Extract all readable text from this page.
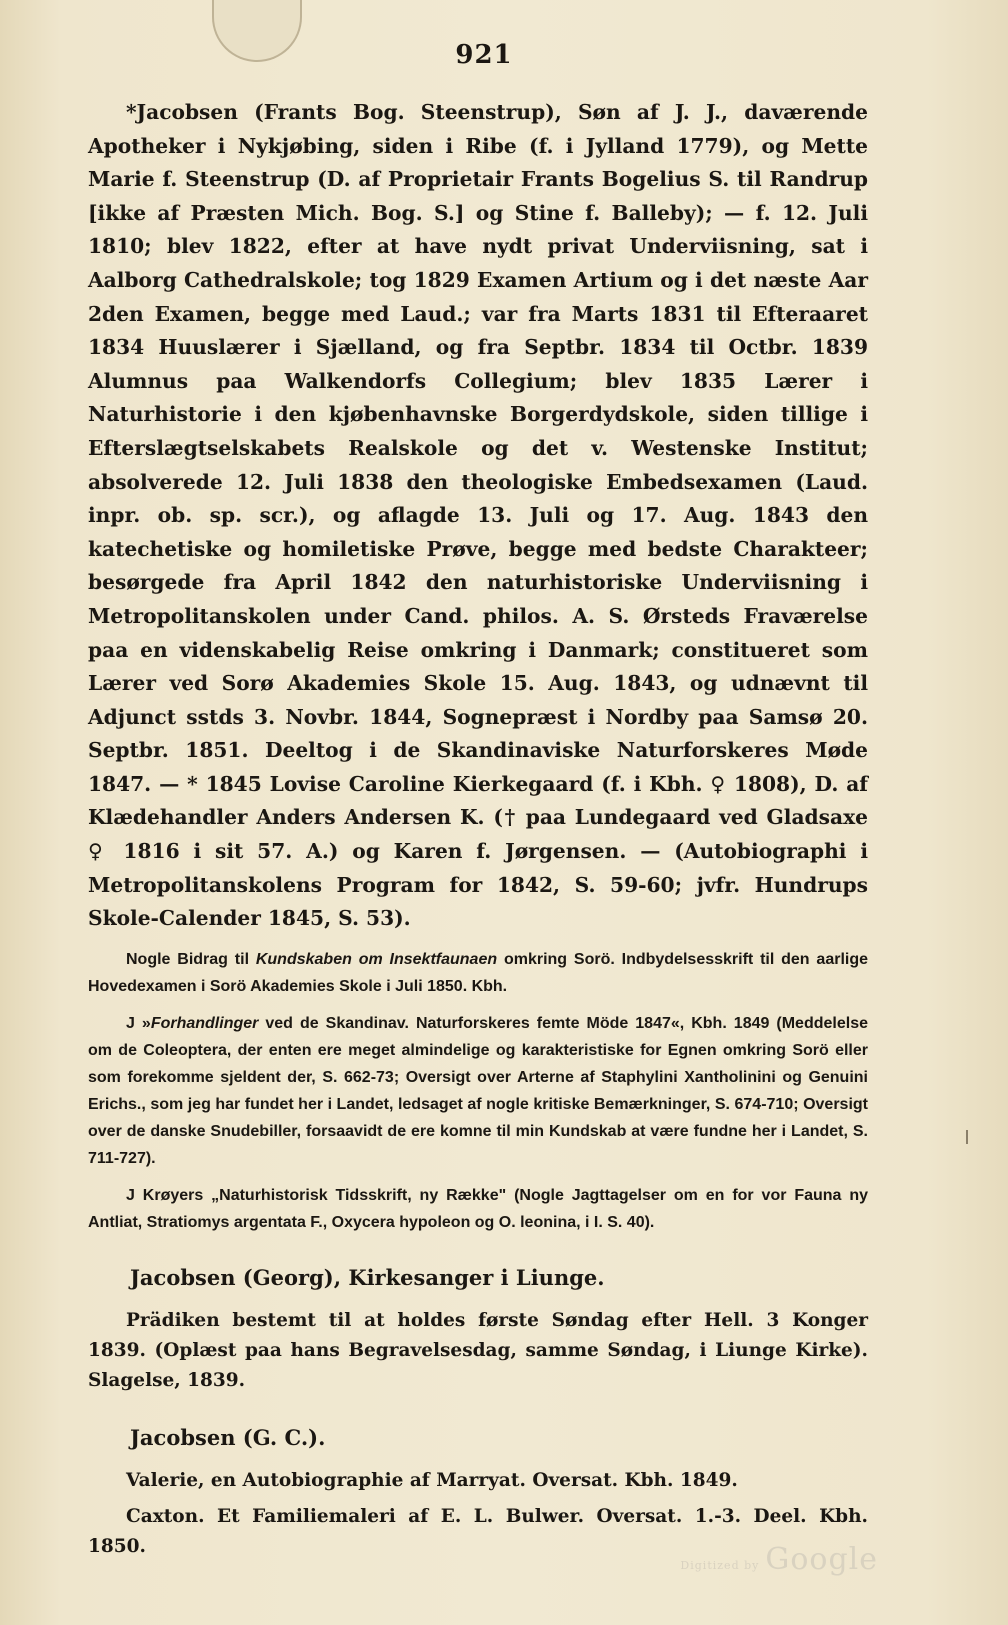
921

*Jacobsen (Frants Bog. Steenstrup), Søn af J. J., daværende Apotheker i Nykjøbing, siden i Ribe (f. i Jylland 1779), og Mette Marie f. Steenstrup (D. af Proprietair Frants Bogelius S. til Randrup [ikke af Præsten Mich. Bog. S.] og Stine f. Balleby); — f. 12. Juli 1810; blev 1822, efter at have nydt privat Underviisning, sat i Aalborg Cathedralskole; tog 1829 Examen Artium og i det næste Aar 2den Examen, begge med Laud.; var fra Marts 1831 til Efteraaret 1834 Huuslærer i Sjælland, og fra Septbr. 1834 til Octbr. 1839 Alumnus paa Walkendorfs Collegium; blev 1835 Lærer i Naturhistorie i den kjøbenhavnske Borgerdydskole, siden tillige i Efterslægtselskabets Realskole og det v. Westenske Institut; absolverede 12. Juli 1838 den theologiske Embedsexamen (Laud. inpr. ob. sp. scr.), og aflagde 13. Juli og 17. Aug. 1843 den katechetiske og homiletiske Prøve, begge med bedste Charakteer; besørgede fra April 1842 den naturhistoriske Underviisning i Metropolitanskolen under Cand. philos. A. S. Ørsteds Fraværelse paa en videnskabelig Reise omkring i Danmark; constitueret som Lærer ved Sorø Akademies Skole 15. Aug. 1843, og udnævnt til Adjunct sstds 3. Novbr. 1844, Sognepræst i Nordby paa Samsø 20. Septbr. 1851. Deeltog i de Skandinaviske Naturforskeres Møde 1847. — * 1845 Lovise Caroline Kierkegaard (f. i Kbh. ♀ 1808), D. af Klædehandler Anders Andersen K. († paa Lundegaard ved Gladsaxe ♀ 1816 i sit 57. A.) og Karen f. Jørgensen. — (Autobiographi i Metropolitanskolens Program for 1842, S. 59-60; jvfr. Hundrups Skole-Calender 1845, S. 53).

Nogle Bidrag til Kundskaben om Insektfaunaen omkring Sorö. Indbydelsesskrift til den aarlige Hovedexamen i Sorö Akademies Skole i Juli 1850. Kbh.

J »Forhandlinger ved de Skandinav. Naturforskeres femte Möde 1847«, Kbh. 1849 (Meddelelse om de Coleoptera, der enten ere meget almindelige og karakteristiske for Egnen omkring Sorö eller som forekomme sjeldent der, S. 662-73; Oversigt over Arterne af Staphylini Xantholinini og Genuini Erichs., som jeg har fundet her i Landet, ledsaget af nogle kritiske Bemærkninger, S. 674-710; Oversigt over de danske Snudebiller, forsaavidt de ere komne til min Kundskab at være fundne her i Landet, S. 711-727).

J Krøyers „Naturhistorisk Tidsskrift, ny Række" (Nogle Jagttagelser om en for vor Fauna ny Antliat, Stratiomys argentata F., Oxycera hypoleon og O. leonina, i I. S. 40).

Jacobsen (Georg), Kirkesanger i Liunge.

Prädiken bestemt til at holdes første Søndag efter Hell. 3 Konger 1839. (Oplæst paa hans Begravelsesdag, samme Søndag, i Liunge Kirke). Slagelse, 1839.

Jacobsen (G. C.).

Valerie, en Autobiographie af Marryat. Oversat. Kbh. 1849.

Caxton. Et Familiemaleri af E. L. Bulwer. Oversat. 1.-3. Deel. Kbh. 1850.

Digitized by Google
